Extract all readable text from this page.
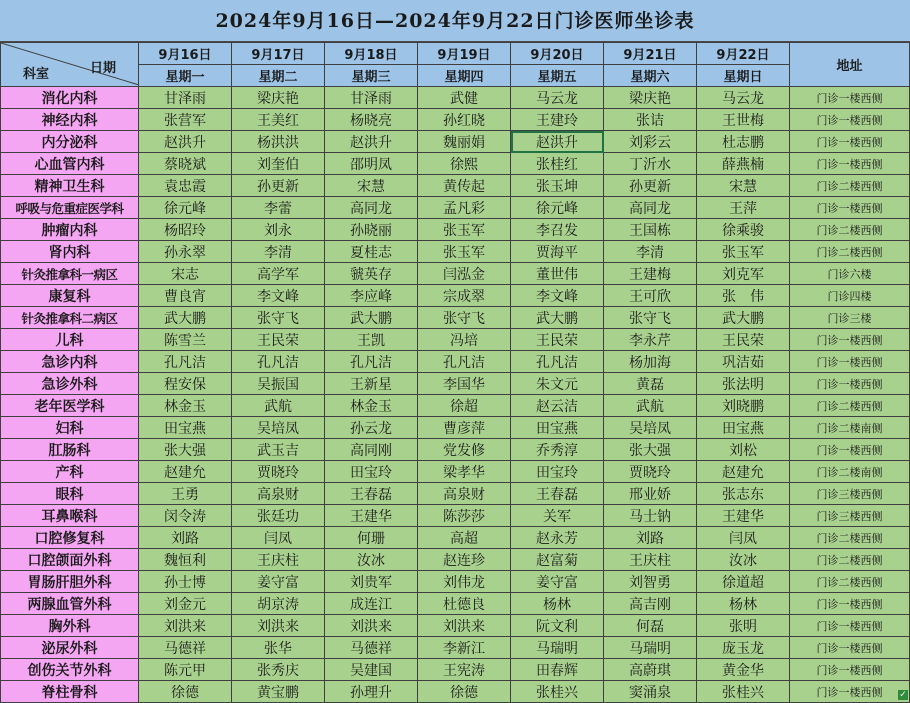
2024年9月16日—2024年9月22日门诊医师坐诊表
科室 日期	9月16日	9月17日	9月18日	9月19日	9月20日	9月21日	9月22日	地址
	星期一	星期二	星期三	星期四	星期五	星期六	星期日	
消化内科	甘泽雨	梁庆艳	甘泽雨	武健	马云龙	梁庆艳	马云龙	门诊一楼西侧
神经内科	张营军	王美红	杨晓亮	孙红晓	王建玲	张诘	王世梅	门诊一楼西侧
内分泌科	赵洪升	杨洪洪	赵洪升	魏丽娟	赵洪升	刘彩云	杜志鹏	门诊一楼西侧
心血管内科	蔡晓斌	刘奎伯	邵明凤	徐熙	张桂红	丁沂水	薛燕楠	门诊一楼西侧
精神卫生科	袁忠霞	孙更新	宋慧	黄传起	张玉坤	孙更新	宋慧	门诊二楼西侧
呼吸与危重症医学科	徐元峰	李蕾	高同龙	孟凡彩	徐元峰	高同龙	王萍	门诊一楼西侧
肿瘤内科	杨昭玲	刘永	孙晓丽	张玉军	李召发	王国栋	徐乘骏	门诊二楼西侧
肾内科	孙永翠	李清	夏桂志	张玉军	贾海平	李清	张玉军	门诊二楼西侧
针灸推拿科一病区	宋志	高学军	虢英存	闫泓金	董世伟	王建梅	刘克军	门诊六楼
康复科	曹良宵	李文峰	李应峰	宗成翠	李文峰	王可欣	张　伟	门诊四楼
针灸推拿科二病区	武大鹏	张守飞	武大鹏	张守飞	武大鹏	张守飞	武大鹏	门诊三楼
儿科	陈雪兰	王民荣	王凯	冯培	王民荣	李永芹	王民荣	门诊一楼西侧
急诊内科	孔凡洁	孔凡洁	孔凡洁	孔凡洁	孔凡洁	杨加海	巩洁茹	门诊一楼西侧
急诊外科	程安保	吴振国	王新星	李国华	朱文元	黄磊	张法明	门诊一楼西侧
老年医学科	林金玉	武航	林金玉	徐超	赵云洁	武航	刘晓鹏	门诊二楼西侧
妇科	田宝燕	吴培凤	孙云龙	曹彦萍	田宝燕	吴培凤	田宝燕	门诊二楼南侧
肛肠科	张大强	武玉吉	高同刚	党发修	乔秀淳	张大强	刘松	门诊一楼西侧
产科	赵建允	贾晓玲	田宝玲	梁孝华	田宝玲	贾晓玲	赵建允	门诊二楼南侧
眼科	王勇	高泉财	王春磊	高泉财	王春磊	邢业娇	张志东	门诊三楼西侧
耳鼻喉科	闵令涛	张廷功	王建华	陈莎莎	关军	马士钠	王建华	门诊三楼西侧
口腔修复科	刘路	闫凤	何珊	高超	赵永芳	刘路	闫凤	门诊二楼西侧
口腔颌面外科	魏恒利	王庆柱	汝冰	赵连珍	赵富菊	王庆柱	汝冰	门诊二楼西侧
胃肠肝胆外科	孙士博	姜守富	刘贵军	刘伟龙	姜守富	刘智勇	徐道超	门诊二楼西侧
两腺血管外科	刘金元	胡京涛	成连江	杜德良	杨林	高吉刚	杨林	门诊一楼西侧
胸外科	刘洪来	刘洪来	刘洪来	刘洪来	阮文利	何磊	张明	门诊一楼西侧
泌尿外科	马德祥	张华	马德祥	李新江	马瑞明	马瑞明	庞玉龙	门诊一楼西侧
创伤关节外科	陈元甲	张秀庆	吴建国	王宪涛	田春辉	高蔚琪	黄金华	门诊一楼西侧
脊柱骨科	徐德	黄宝鹏	孙理升	徐德	张桂兴	窦涌泉	张桂兴	门诊一楼西侧 ✓
